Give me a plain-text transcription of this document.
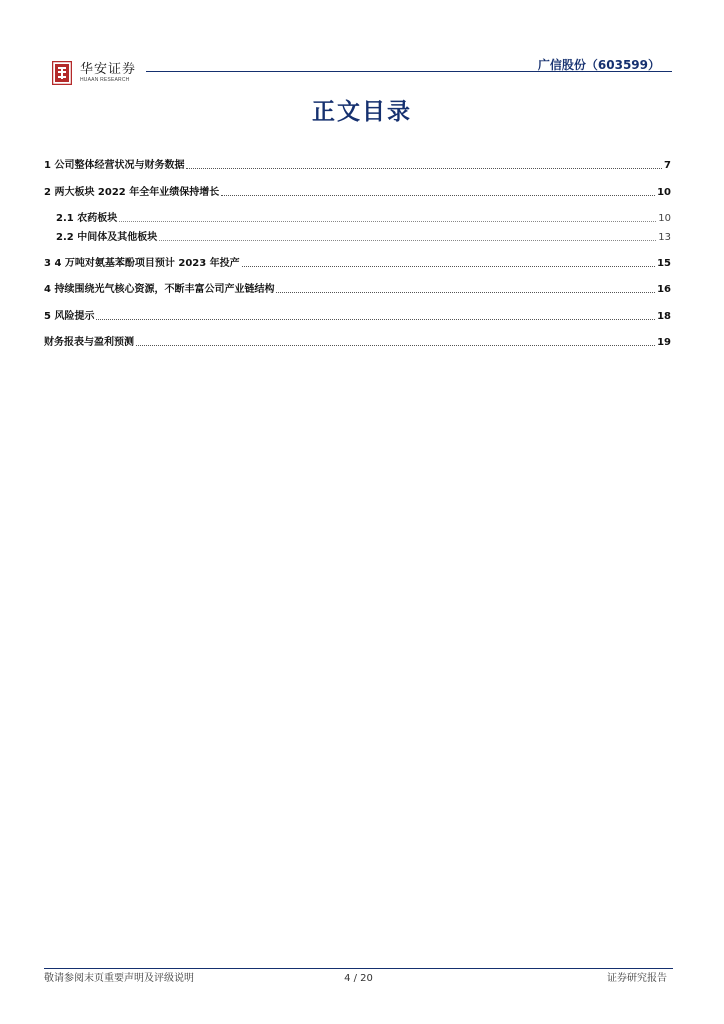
华安证券
HUAAN RESEARCH
广信股份（603599）
正文目录
1 公司整体经营状况与财务数据	7
2 两大板块 2022 年全年业绩保持增长	10
2.1 农药板块	10
2.2 中间体及其他板块	13
3 4 万吨对氨基苯酚项目预计 2023 年投产	15
4 持续围绕光气核心资源，不断丰富公司产业链结构	16
5 风险提示	18
财务报表与盈利预测	19
敬请参阅末页重要声明及评级说明	4 / 20	证券研究报告
